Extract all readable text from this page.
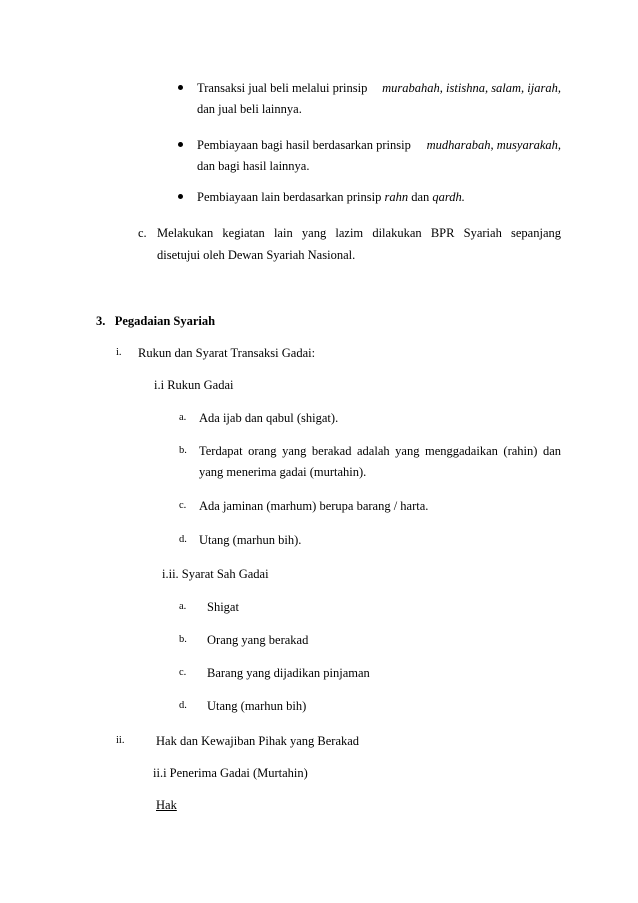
Transaksi jual beli melalui prinsip murabahah, istishna, salam, ijarah,
dan jual beli lainnya.
Pembiayaan bagi hasil berdasarkan prinsip mudharabah, musyarakah,
dan bagi hasil lainnya.
Pembiayaan lain berdasarkan prinsip rahn dan qardh.
c. Melakukan kegiatan lain yang lazim dilakukan BPR Syariah sepanjang
disetujui oleh Dewan Syariah Nasional.
3.   Pegadaian Syariah
i. Rukun dan Syarat Transaksi Gadai:
i.i Rukun Gadai
a. Ada ijab dan qabul (shigat).
b. Terdapat orang yang berakad adalah yang menggadaikan (rahin) dan
yang menerima gadai (murtahin).
c. Ada jaminan (marhum) berupa barang / harta.
d. Utang (marhun bih).
i.ii. Syarat Sah Gadai
a. Shigat
b. Orang yang berakad
c. Barang yang dijadikan pinjaman
d. Utang (marhun bih)
ii.	Hak dan Kewajiban Pihak yang Berakad
ii.i Penerima Gadai (Murtahin)
Hak
